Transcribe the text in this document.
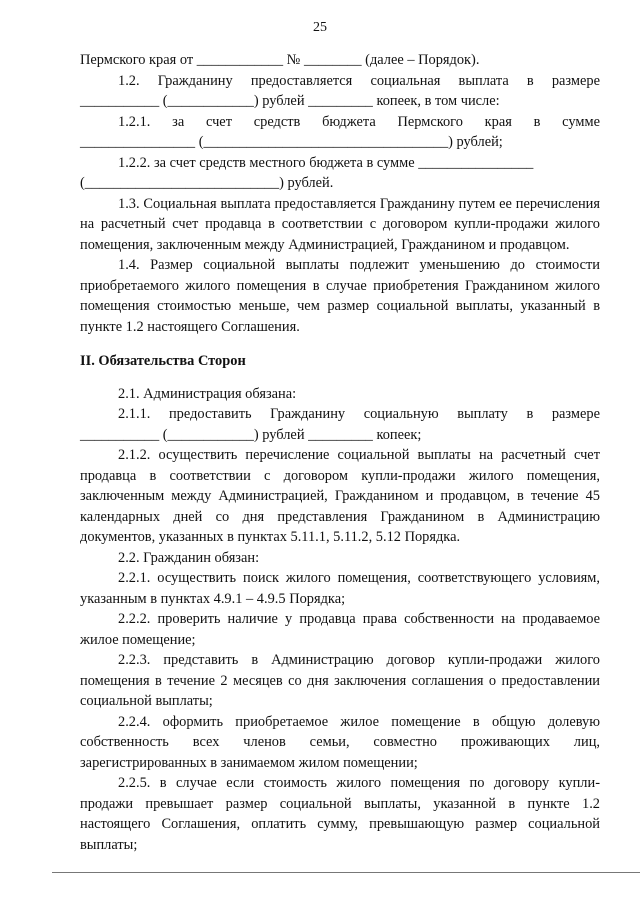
25

Пермского края от ____________ № ________ (далее – Порядок).

1.2. Гражданину предоставляется социальная выплата в размере

___________ (____________) рублей _________ копеек, в том числе:

1.2.1. за счет средств бюджета Пермского края в сумме

________________ (__________________________________) рублей;

1.2.2. за счет средств местного бюджета в сумме ________________

(___________________________) рублей.

1.3. Социальная выплата предоставляется Гражданину путем ее перечисления на расчетный счет продавца в соответствии с договором купли-продажи жилого помещения, заключенным между Администрацией, Гражданином и продавцом.

1.4. Размер социальной выплаты подлежит уменьшению до стоимости приобретаемого жилого помещения в случае приобретения Гражданином жилого помещения стоимостью меньше, чем размер социальной выплаты, указанный в пункте 1.2 настоящего Соглашения.

II. Обязательства Сторон

2.1. Администрация обязана:

2.1.1. предоставить Гражданину социальную выплату в размере

___________ (____________) рублей _________ копеек;

2.1.2. осуществить перечисление социальной выплаты на расчетный счет продавца в соответствии с договором купли-продажи жилого помещения, заключенным между Администрацией, Гражданином и продавцом, в течение 45 календарных дней со дня представления Гражданином в Администрацию документов, указанных в пунктах 5.11.1, 5.11.2, 5.12 Порядка.

2.2. Гражданин обязан:

2.2.1. осуществить поиск жилого помещения, соответствующего условиям, указанным в пунктах 4.9.1 – 4.9.5 Порядка;

2.2.2. проверить наличие у продавца права собственности на продаваемое жилое помещение;

2.2.3. представить в Администрацию договор купли-продажи жилого помещения в течение 2 месяцев со дня заключения соглашения о предоставлении социальной выплаты;

2.2.4. оформить приобретаемое жилое помещение в общую долевую собственность всех членов семьи, совместно проживающих лиц, зарегистрированных в занимаемом жилом помещении;

2.2.5. в случае если стоимость жилого помещения по договору купли-продажи превышает размер социальной выплаты, указанной в пункте 1.2 настоящего Соглашения, оплатить сумму, превышающую размер социальной выплаты;
